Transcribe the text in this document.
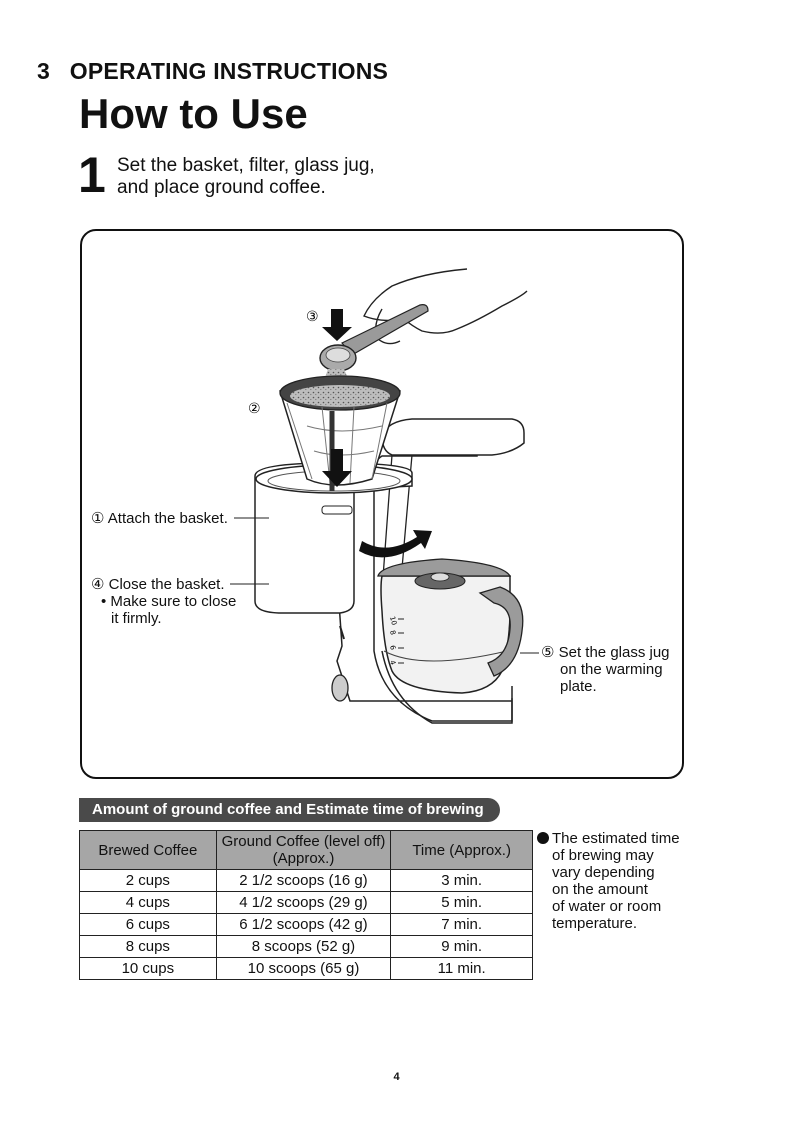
3 OPERATING INSTRUCTIONS
How to Use
1 Set the basket, filter, glass jug,
and place ground coffee.
③
②
10
8
6
4
① Attach the basket.
④ Close the basket.
• Make sure to close
it firmly.
⑤ Set the glass jug
on the warming
plate.
Amount of ground coffee and Estimate time of brewing
Brewed Coffee	Ground Coffee (level off)
(Approx.)	Time (Approx.)
2 cups	2 1/2 scoops (16 g)	3 min.
4 cups	4 1/2 scoops (29 g)	5 min.
6 cups	6 1/2 scoops (42 g)	7 min.
8 cups	8 scoops (52 g)	9 min.
10 cups	10 scoops (65 g)	11 min.
The estimated time
of brewing may
vary depending
on the amount
of water or room
temperature.
4
